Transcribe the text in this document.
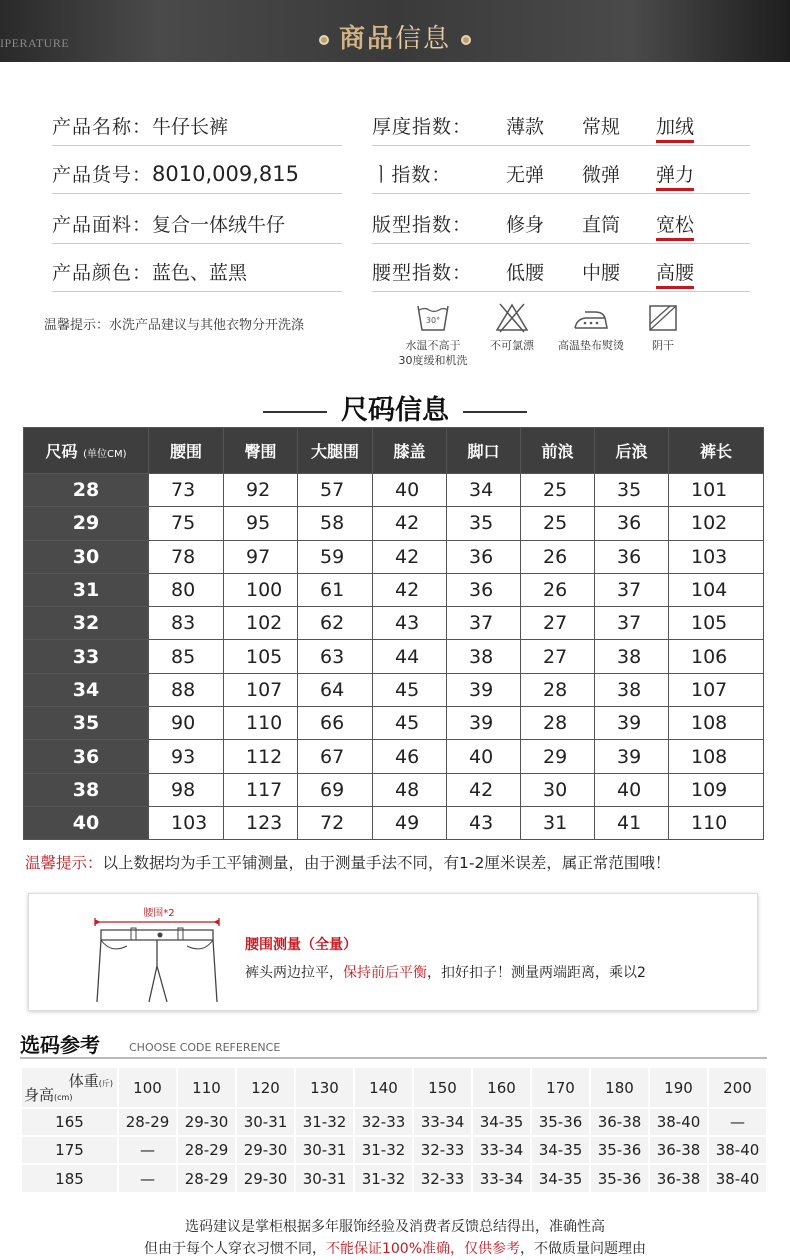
IPERATURE	商品信息
产品名称：牛仔长裤
产品货号：8010,009,815
产品面料：复合一体绒牛仔
产品颜色：蓝色、蓝黑
厚度指数： 薄款 常规 加绒
ㅣ指数：	无弹 微弹 弹力
版型指数： 修身 直筒 宽松
腰型指数： 低腰 中腰 高腰
温馨提示：水洗产品建议与其他衣物分开洗涤	30°
水温不高于
30度缓和机洗
不可氯漂	高温垫布熨烫	阴干
尺码信息
尺码 (单位CM)	腰围	臀围	大腿围	膝盖	脚口	前浪	后浪	裤长
28	73	92	57	40	34	25	35	101
29	75	95	58	42	35	25	36	102
30	78	97	59	42	36	26	36	103
31	80	100	61	42	36	26	37	104
32	83	102	62	43	37	27	37	105
33	85	105	63	44	38	27	38	106
34	88	107	64	45	39	28	38	107
35	90	110	66	45	39	28	39	108
36	93	112	67	46	40	29	39	108
38	98	117	69	48	42	30	40	109
40	103	123	72	49	43	31	41	110
温馨提示：以上数据均为手工平铺测量，由于测量手法不同，有1-2厘米误差，属正常范围哦！
腰围*2
腰围测量（全量）
裤头两边拉平，保持前后平衡，扣好扣子！测量两端距离，乘以2
选码参考	CHOOSE CODE REFERENCE
体重(斤)
身高(cm)	100	110	120	130	140	150	160	170	180	190	200
165	28-29	29-30	30-31	31-32	32-33	33-34	34-35	35-36	36-38	38-40	—
175	—	28-29	29-30	30-31	31-32	32-33	33-34	34-35	35-36	36-38	38-40
185	—	28-29	29-30	30-31	31-32	32-33	33-34	34-35	35-36	36-38	38-40
选码建议是掌柜根据多年服饰经验及消费者反馈总结得出，准确性高
但由于每个人穿衣习惯不同，不能保证100%准确，仅供参考，不做质量问题理由
